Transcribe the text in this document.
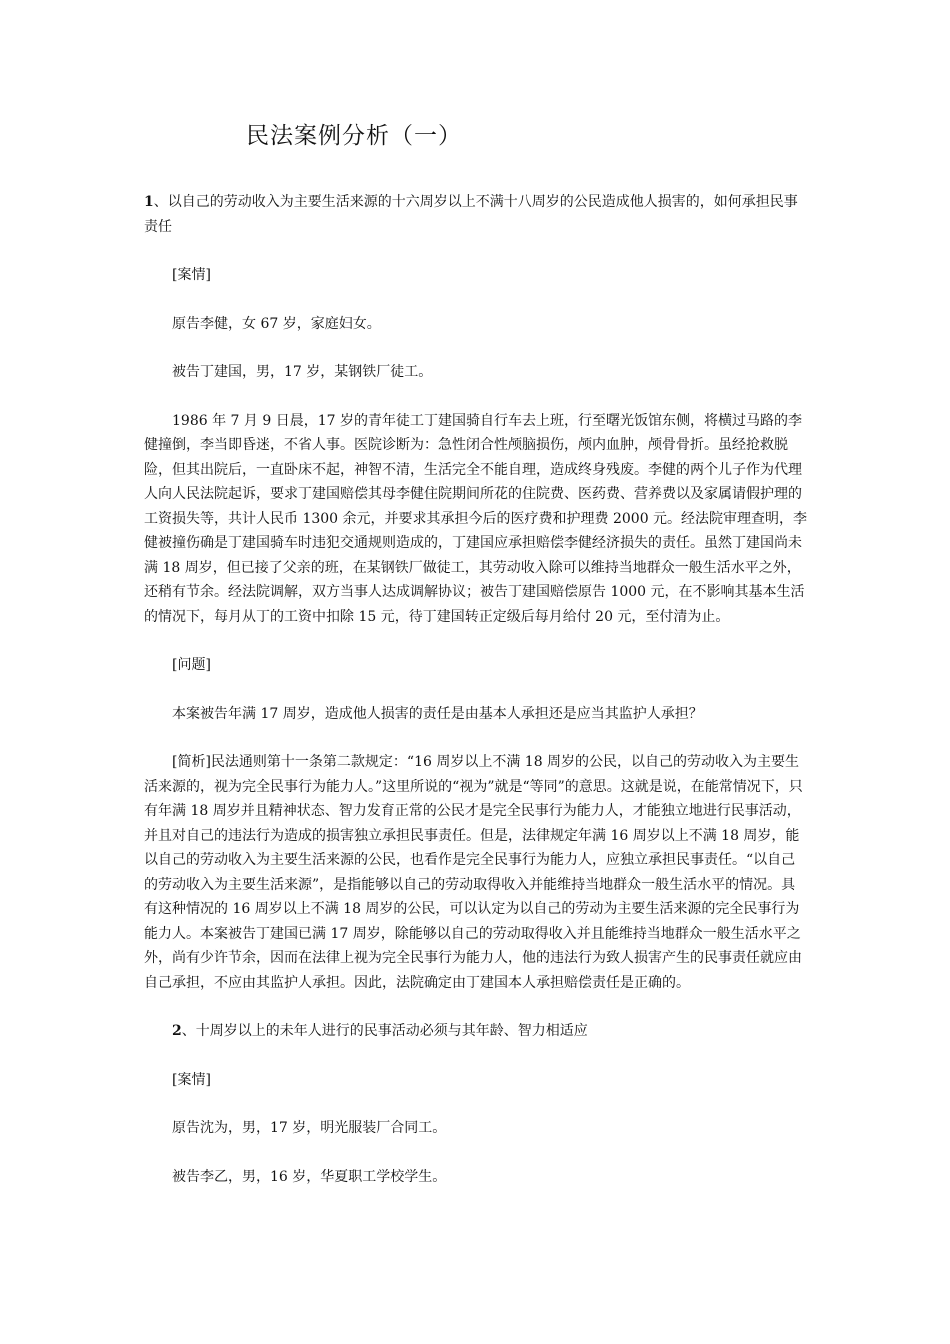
民法案例分析（一）

1、以自己的劳动收入为主要生活来源的十六周岁以上不满十八周岁的公民造成他人损害的，如何承担民事责任

[案情]

原告李健，女 67 岁，家庭妇女。

被告丁建国，男，17 岁，某钢铁厂徒工。

1986 年 7 月 9 日晨，17 岁的青年徒工丁建国骑自行车去上班，行至曙光饭馆东侧，将横过马路的李健撞倒，李当即昏迷，不省人事。医院诊断为：急性闭合性颅脑损伤，颅内血肿，颅骨骨折。虽经抢救脱险，但其出院后，一直卧床不起，神智不清，生活完全不能自理，造成终身残废。李健的两个儿子作为代理人向人民法院起诉，要求丁建国赔偿其母李健住院期间所花的住院费、医药费、营养费以及家属请假护理的工资损失等，共计人民币 1300 余元，并要求其承担今后的医疗费和护理费 2000 元。经法院审理查明，李健被撞伤确是丁建国骑车时违犯交通规则造成的，丁建国应承担赔偿李健经济损失的责任。虽然丁建国尚未满 18 周岁，但已接了父亲的班，在某钢铁厂做徒工，其劳动收入除可以维持当地群众一般生活水平之外，还稍有节余。经法院调解，双方当事人达成调解协议；被告丁建国赔偿原告 1000 元，在不影响其基本生活的情况下，每月从丁的工资中扣除 15 元，待丁建国转正定级后每月给付 20 元，至付清为止。

[问题]

本案被告年满 17 周岁，造成他人损害的责任是由基本人承担还是应当其监护人承担？

[简析]民法通则第十一条第二款规定：“16 周岁以上不满 18 周岁的公民，以自己的劳动收入为主要生活来源的，视为完全民事行为能力人。”这里所说的“视为”就是“等同”的意思。这就是说，在能常情况下，只有年满 18 周岁并且精神状态、智力发育正常的公民才是完全民事行为能力人，才能独立地进行民事活动，并且对自己的违法行为造成的损害独立承担民事责任。但是，法律规定年满 16 周岁以上不满 18 周岁，能以自己的劳动收入为主要生活来源的公民，也看作是完全民事行为能力人，应独立承担民事责任。“以自己的劳动收入为主要生活来源”，是指能够以自己的劳动取得收入并能维持当地群众一般生活水平的情况。具有这种情况的 16 周岁以上不满 18 周岁的公民，可以认定为以自己的劳动为主要生活来源的完全民事行为能力人。本案被告丁建国已满 17 周岁，除能够以自己的劳动取得收入并且能维持当地群众一般生活水平之外，尚有少许节余，因而在法律上视为完全民事行为能力人，他的违法行为致人损害产生的民事责任就应由自己承担，不应由其监护人承担。因此，法院确定由丁建国本人承担赔偿责任是正确的。

2、十周岁以上的未年人进行的民事活动必须与其年龄、智力相适应

[案情]

原告沈为，男，17 岁，明光服装厂合同工。

被告李乙，男，16 岁，华夏职工学校学生。
